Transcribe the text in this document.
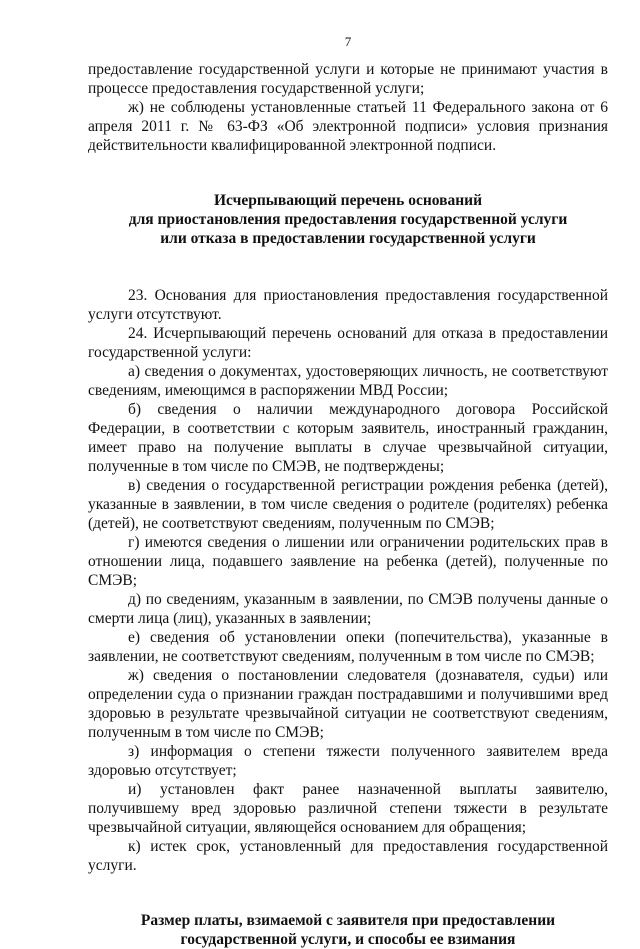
7

предоставление государственной услуги и которые не принимают участия в процессе предоставления государственной услуги;

ж) не соблюдены установленные статьей 11 Федерального закона от 6 апреля 2011 г. № 63-ФЗ «Об электронной подписи» условия признания действительности квалифицированной электронной подписи.

Исчерпывающий перечень оснований
для приостановления предоставления государственной услуги
или отказа в предоставлении государственной услуги

23. Основания для приостановления предоставления государственной услуги отсутствуют.

24. Исчерпывающий перечень оснований для отказа в предоставлении государственной услуги:

а) сведения о документах, удостоверяющих личность, не соответствуют сведениям, имеющимся в распоряжении МВД России;

б) сведения о наличии международного договора Российской Федерации, в соответствии с которым заявитель, иностранный гражданин, имеет право на получение выплаты в случае чрезвычайной ситуации, полученные в том числе по СМЭВ, не подтверждены;

в) сведения о государственной регистрации рождения ребенка (детей), указанные в заявлении, в том числе сведения о родителе (родителях) ребенка (детей), не соответствуют сведениям, полученным по СМЭВ;

г) имеются сведения о лишении или ограничении родительских прав в отношении лица, подавшего заявление на ребенка (детей), полученные по СМЭВ;

д) по сведениям, указанным в заявлении, по СМЭВ получены данные о смерти лица (лиц), указанных в заявлении;

е) сведения об установлении опеки (попечительства), указанные в заявлении, не соответствуют сведениям, полученным в том числе по СМЭВ;

ж) сведения о постановлении следователя (дознавателя, судьи) или определении суда о признании граждан пострадавшими и получившими вред здоровью в результате чрезвычайной ситуации не соответствуют сведениям, полученным в том числе по СМЭВ;

з) информация о степени тяжести полученного заявителем вреда здоровью отсутствует;

и) установлен факт ранее назначенной выплаты заявителю, получившему вред здоровью различной степени тяжести в результате чрезвычайной ситуации, являющейся основанием для обращения;

к) истек срок, установленный для предоставления государственной услуги.

Размер платы, взимаемой с заявителя при предоставлении
государственной услуги, и способы ее взимания
